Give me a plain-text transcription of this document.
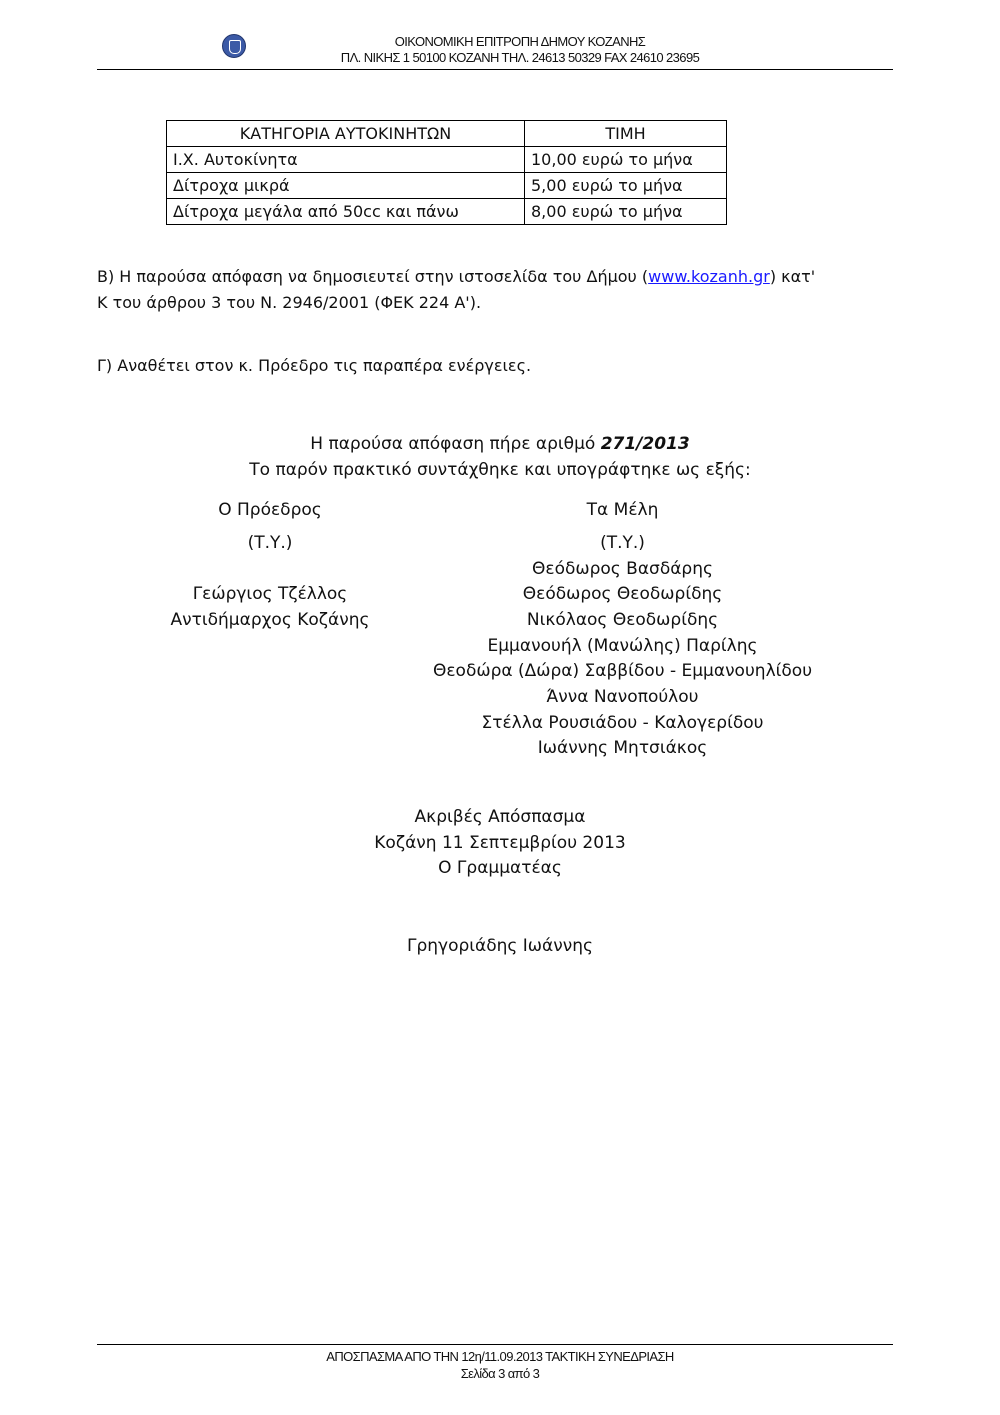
ΟΙΚΟΝΟΜΙΚΗ ΕΠΙΤΡΟΠΗ ΔΗΜΟΥ ΚΟΖΑΝΗΣ
ΠΛ. ΝΙΚΗΣ 1 50100 ΚΟΖΑΝΗ ΤΗΛ. 24613 50329 FAX 24610 23695
ΚΑΤΗΓΟΡΙΑ ΑΥΤΟΚΙΝΗΤΩΝ	ΤΙΜΗ
Ι.Χ. Αυτοκίνητα	10,00 ευρώ το μήνα
Δίτροχα μικρά	5,00 ευρώ το μήνα
Δίτροχα μεγάλα από 50cc και πάνω	8,00 ευρώ το μήνα
Β) Η παρούσα απόφαση να δημοσιευτεί στην ιστοσελίδα του Δήμου (www.kozanh.gr) κατ'
Κ του άρθρου 3 του Ν. 2946/2001 (ΦΕΚ 224 Α').
Γ) Αναθέτει στον κ. Πρόεδρο τις παραπέρα ενέργειες.
Η παρούσα απόφαση πήρε αριθμό 271/2013
Το παρόν πρακτικό συντάχθηκε και υπογράφτηκε ως εξής:
Ο Πρόεδρος
(Τ.Υ.)
Γεώργιος Τζέλλος
Αντιδήμαρχος Κοζάνης
Τα Μέλη
(Τ.Υ.)
Θεόδωρος Βασδάρης
Θεόδωρος Θεοδωρίδης
Νικόλαος Θεοδωρίδης
Εμμανουήλ (Μανώλης) Παρίλης
Θεοδώρα (Δώρα) Σαββίδου - Εμμανουηλίδου
Άννα Νανοπούλου
Στέλλα Ρουσιάδου - Καλογερίδου
Ιωάννης Μητσιάκος
Ακριβές Απόσπασμα
Κοζάνη 11 Σεπτεμβρίου 2013
Ο Γραμματέας
Γρηγοριάδης Ιωάννης
ΑΠΟΣΠΑΣΜΑ ΑΠΟ ΤΗΝ 12η/11.09.2013 ΤΑΚΤΙΚΗ ΣΥΝΕΔΡΙΑΣΗ
Σελίδα 3 από 3
